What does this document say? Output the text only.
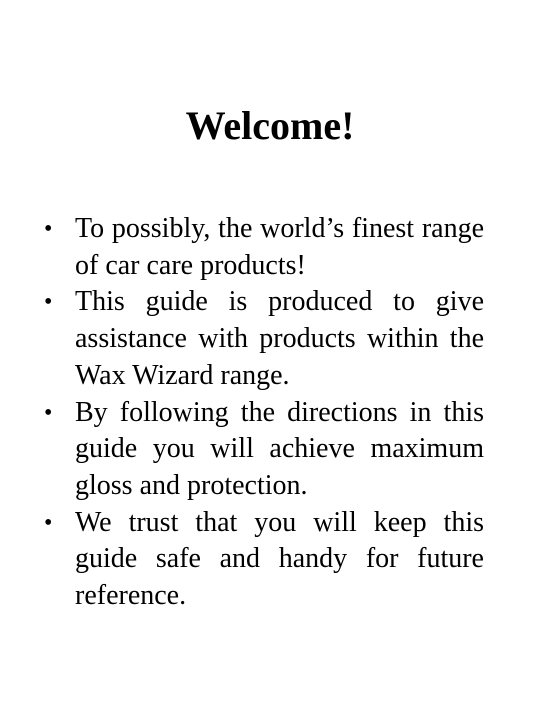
Welcome!
• To possibly, the world’s finest range of car care products!
• This guide is produced to give assistance with products within the Wax Wizard range.
• By following the directions in this guide you will achieve maximum gloss and protection.
• We trust that you will keep this guide safe and handy for future reference.
